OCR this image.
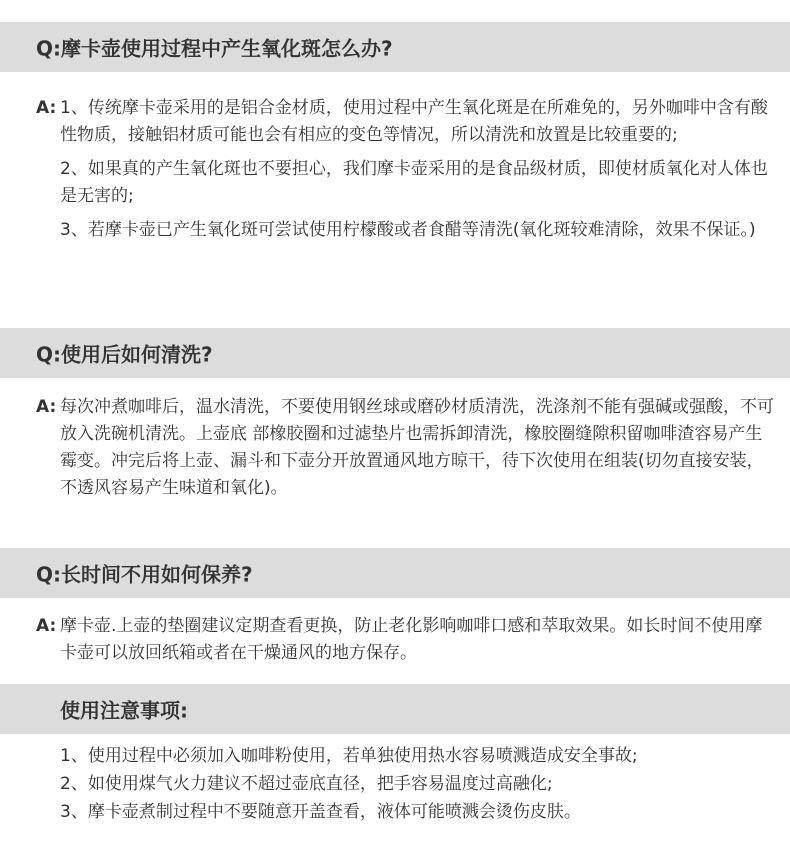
Q:摩卡壶使用过程中产生氧化斑怎么办?
A: 1、传统摩卡壶采用的是铝合金材质，使用过程中产生氧化斑是在所难免的，另外咖啡中含有酸性物质，接触铝材质可能也会有相应的变色等情况，所以清洗和放置是比较重要的;
2、如果真的产生氧化斑也不要担心，我们摩卡壶采用的是食品级材质，即使材质氧化对人体也是无害的;
3、若摩卡壶已产生氧化斑可尝试使用柠檬酸或者食醋等清洗(氧化斑较难清除，效果不保证。)
Q:使用后如何清洗?
A: 每次冲煮咖啡后，温水清洗，不要使用钢丝球或磨砂材质清洗，洗涤剂不能有强碱或强酸，不可放入洗碗机清洗。上壶底 部橡胶圈和过滤垫片也需拆卸清洗，橡胶圈缝隙积留咖啡渣容易产生霉变。冲完后将上壶、漏斗和下壶分开放置通风地方晾干，待下次使用在组装(切勿直接安装，不透风容易产生味道和氧化)。
Q:长时间不用如何保养?
A: 摩卡壶.上壶的垫圈建议定期查看更换，防止老化影响咖啡口感和萃取效果。如长时间不使用摩卡壶可以放回纸箱或者在干燥通风的地方保存。
使用注意事项:
1、使用过程中必须加入咖啡粉使用，若单独使用热水容易喷溅造成安全事故;
2、如使用煤气火力建议不超过壶底直径，把手容易温度过高融化;
3、摩卡壶煮制过程中不要随意开盖查看，液体可能喷溅会烫伤皮肤。
